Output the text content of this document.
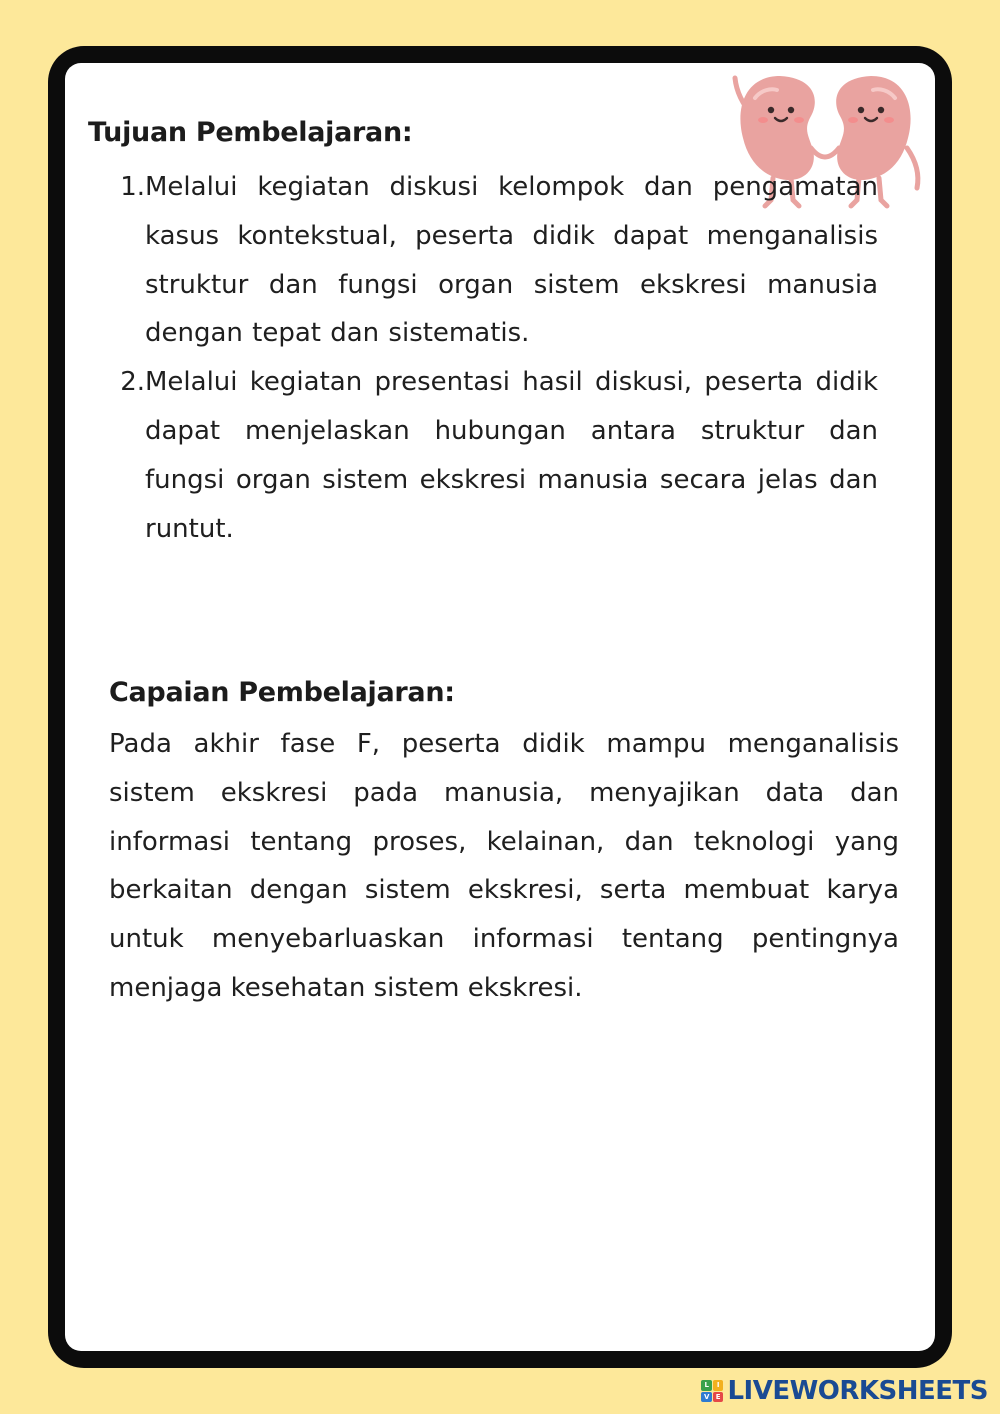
Tujuan Pembelajaran:
1. Melalui kegiatan diskusi kelompok dan pengamatan kasus kontekstual, peserta didik dapat menganalisis struktur dan fungsi organ sistem ekskresi manusia dengan tepat dan sistematis.
2. Melalui kegiatan presentasi hasil diskusi, peserta didik dapat menjelaskan hubungan antara struktur dan fungsi organ sistem ekskresi manusia secara jelas dan runtut.
Capaian Pembelajaran:
Pada akhir fase F, peserta didik mampu menganalisis sistem ekskresi pada manusia, menyajikan data dan informasi tentang proses, kelainan, dan teknologi yang berkaitan dengan sistem ekskresi, serta membuat karya untuk menyebarluaskan informasi tentang pentingnya menjaga kesehatan sistem ekskresi.
L	I
V E LIVEWORKSHEETS
